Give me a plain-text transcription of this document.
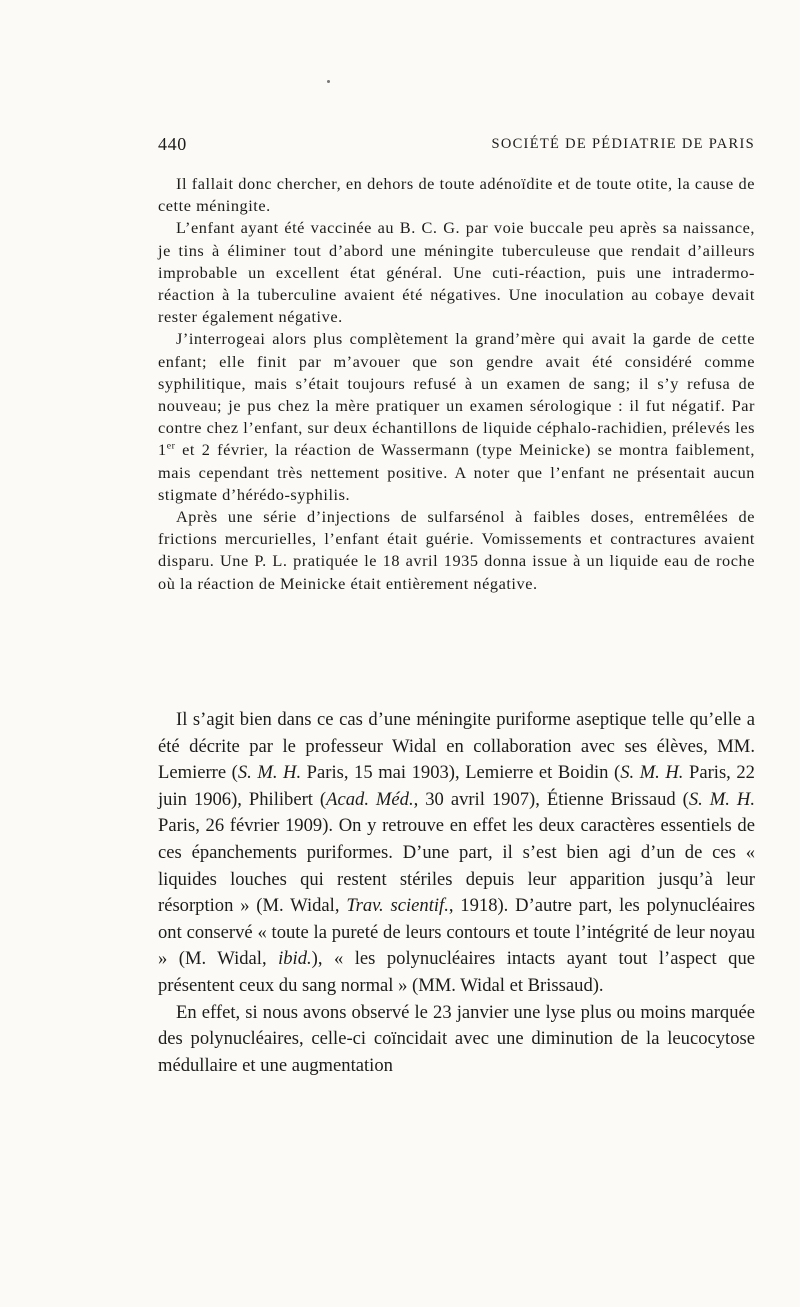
440	SOCIÉTÉ DE PÉDIATRIE DE PARIS

Il fallait donc chercher, en dehors de toute adénoïdite et de toute otite, la cause de cette méningite.

L’enfant ayant été vaccinée au B. C. G. par voie buccale peu après sa naissance, je tins à éliminer tout d’abord une méningite tuberculeuse que rendait d’ailleurs improbable un excellent état général. Une cuti-réaction, puis une intradermo-réaction à la tuberculine avaient été négatives. Une inoculation au cobaye devait rester également négative.

J’interrogeai alors plus complètement la grand’mère qui avait la garde de cette enfant; elle finit par m’avouer que son gendre avait été considéré comme syphilitique, mais s’était toujours refusé à un examen de sang; il s’y refusa de nouveau; je pus chez la mère pratiquer un examen sérologique : il fut négatif. Par contre chez l’enfant, sur deux échantillons de liquide céphalo-rachidien, prélevés les 1er et 2 février, la réaction de Wassermann (type Meinicke) se montra faiblement, mais cependant très nettement positive. A noter que l’enfant ne présentait aucun stigmate d’hérédo-syphilis.

Après une série d’injections de sulfarsénol à faibles doses, entremêlées de frictions mercurielles, l’enfant était guérie. Vomissements et contractures avaient disparu. Une P. L. pratiquée le 18 avril 1935 donna issue à un liquide eau de roche où la réaction de Meinicke était entièrement négative.

Il s’agit bien dans ce cas d’une méningite puriforme aseptique telle qu’elle a été décrite par le professeur Widal en collaboration avec ses élèves, MM. Lemierre (S. M. H. Paris, 15 mai 1903), Lemierre et Boidin (S. M. H. Paris, 22 juin 1906), Philibert (Acad. Méd., 30 avril 1907), Étienne Brissaud (S. M. H. Paris, 26 février 1909). On y retrouve en effet les deux caractères essentiels de ces épanchements puriformes. D’une part, il s’est bien agi d’un de ces « liquides louches qui restent stériles depuis leur apparition jusqu’à leur résorption » (M. Widal, Trav. scientif., 1918). D’autre part, les polynucléaires ont conservé « toute la pureté de leurs contours et toute l’intégrité de leur noyau » (M. Widal, ibid.), « les polynucléaires intacts ayant tout l’aspect que présentent ceux du sang normal » (MM. Widal et Brissaud).

En effet, si nous avons observé le 23 janvier une lyse plus ou moins marquée des polynucléaires, celle-ci coïncidait avec une diminution de la leucocytose médullaire et une augmentation
